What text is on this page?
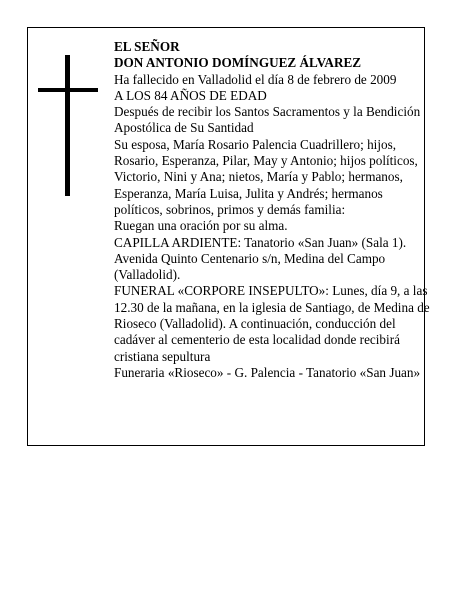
EL SEÑOR

DON ANTONIO DOMÍNGUEZ ÁLVAREZ

Ha fallecido en Valladolid el día 8 de febrero de 2009

A LOS 84 AÑOS DE EDAD

Después de recibir los Santos Sacramentos y la Bendición Apostólica de Su Santidad

Su esposa, María Rosario Palencia Cuadrillero; hijos, Rosario, Esperanza, Pilar, May y Antonio; hijos políticos, Victorio, Nini y Ana; nietos, María y Pablo; hermanos, Esperanza, María Luisa, Julita y Andrés; hermanos políticos, sobrinos, primos y demás familia:

Ruegan una oración por su alma.

CAPILLA ARDIENTE: Tanatorio «San Juan» (Sala 1). Avenida Quinto Centenario s/n, Medina del Campo (Valladolid).

FUNERAL «CORPORE INSEPULTO»: Lunes, día 9, a las 12.30 de la mañana, en la iglesia de Santiago, de Medina de Rioseco (Valladolid). A continuación, conducción del cadáver al cementerio de esta localidad donde recibirá cristiana sepultura

Funeraria «Rioseco» - G. Palencia - Tanatorio «San Juan»
